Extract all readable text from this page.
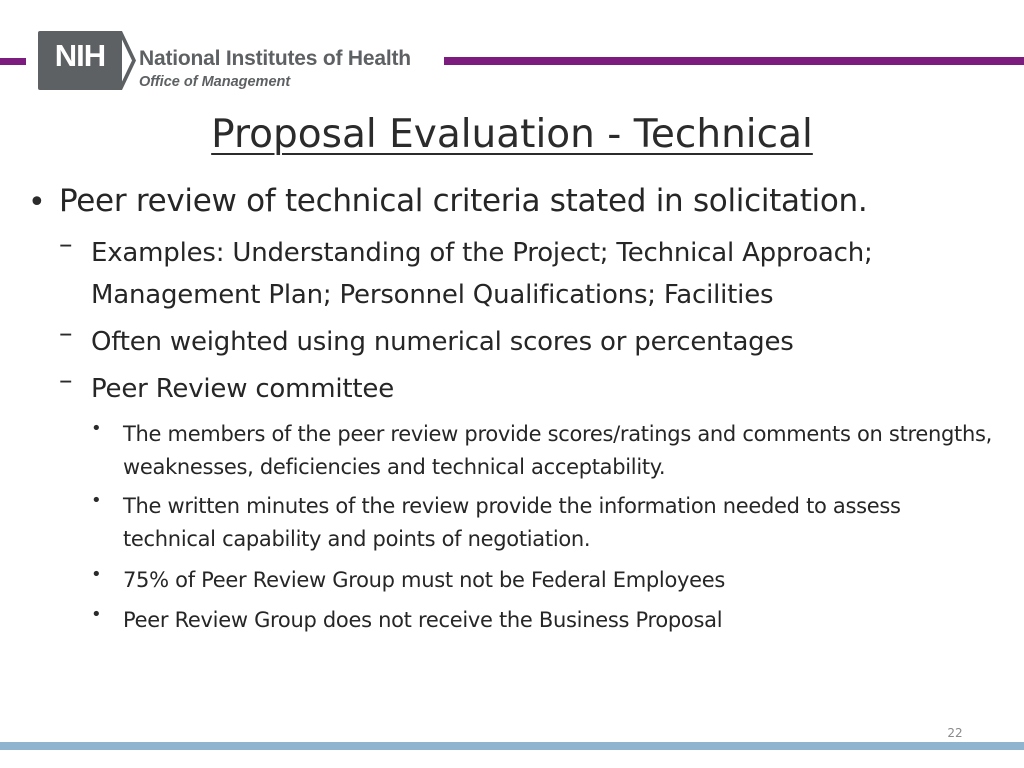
NIH	National Institutes of Health
Office of Management
Proposal Evaluation - Technical
• Peer review of technical criteria stated in solicitation.
– Examples: Understanding of the Project; Technical Approach; Management Plan; Personnel Qualifications; Facilities
– Often weighted using numerical scores or percentages
– Peer Review committee
• The members of the peer review provide scores/ratings and comments on strengths, weaknesses, deficiencies and technical acceptability.
• The written minutes of the review provide the information needed to assess technical capability and points of negotiation.
• 75% of Peer Review Group must not be Federal Employees
• Peer Review Group does not receive the Business Proposal
22
